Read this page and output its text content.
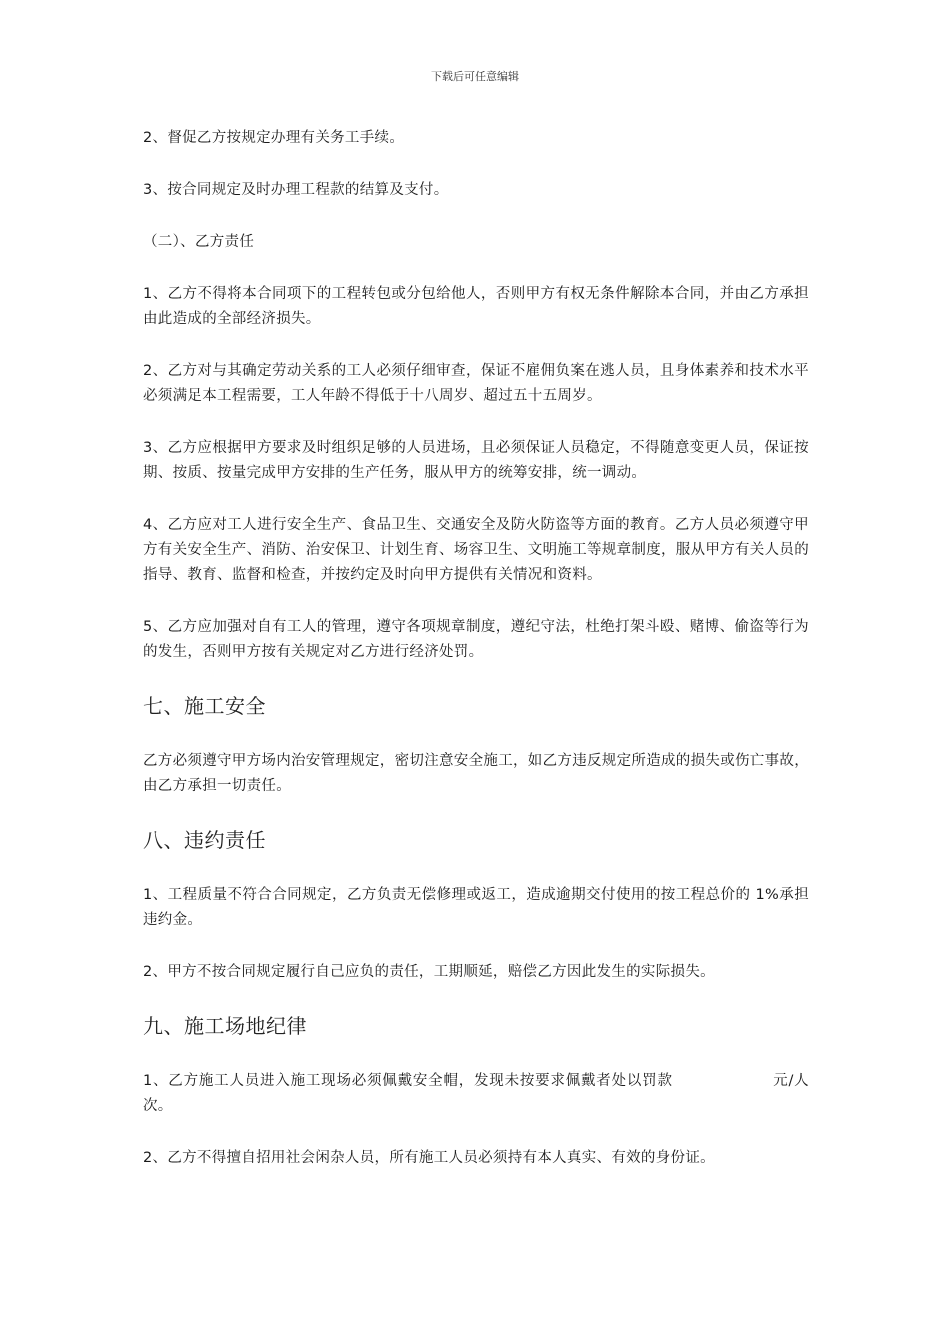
下载后可任意编辑

2、督促乙方按规定办理有关务工手续。

3、按合同规定及时办理工程款的结算及支付。

（二）、乙方责任

1、乙方不得将本合同项下的工程转包或分包给他人，否则甲方有权无条件解除本合同，并由乙方承担由此造成的全部经济损失。

2、乙方对与其确定劳动关系的工人必须仔细审查，保证不雇佣负案在逃人员，且身体素养和技术水平必须满足本工程需要，工人年龄不得低于十八周岁、超过五十五周岁。

3、乙方应根据甲方要求及时组织足够的人员进场，且必须保证人员稳定，不得随意变更人员，保证按期、按质、按量完成甲方安排的生产任务，服从甲方的统筹安排，统一调动。

4、乙方应对工人进行安全生产、食品卫生、交通安全及防火防盗等方面的教育。乙方人员必须遵守甲方有关安全生产、消防、治安保卫、计划生育、场容卫生、文明施工等规章制度，服从甲方有关人员的指导、教育、监督和检查，并按约定及时向甲方提供有关情况和资料。

5、乙方应加强对自有工人的管理，遵守各项规章制度，遵纪守法，杜绝打架斗殴、赌博、偷盗等行为的发生，否则甲方按有关规定对乙方进行经济处罚。

七、施工安全

乙方必须遵守甲方场内治安管理规定，密切注意安全施工，如乙方违反规定所造成的损失或伤亡事故，由乙方承担一切责任。

八、违约责任

1、工程质量不符合合同规定，乙方负责无偿修理或返工，造成逾期交付使用的按工程总价的 1%承担违约金。

2、甲方不按合同规定履行自己应负的责任，工期顺延，赔偿乙方因此发生的实际损失。

九、施工场地纪律

1、乙方施工人员进入施工现场必须佩戴安全帽，发现未按要求佩戴者处以罚款	元/人次。

2、乙方不得擅自招用社会闲杂人员，所有施工人员必须持有本人真实、有效的身份证。
